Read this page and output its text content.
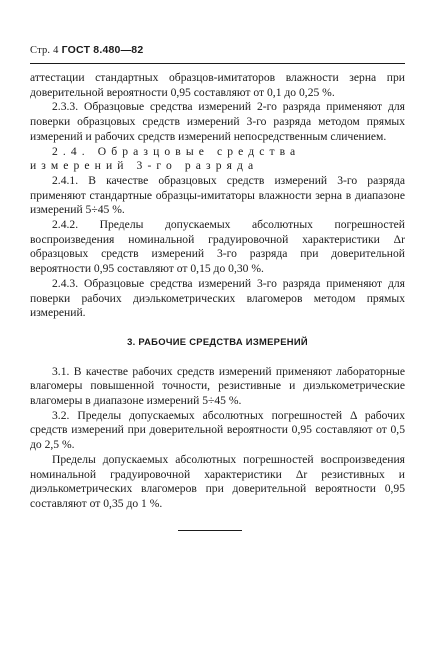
Стр. 4 ГОСТ 8.480—82

аттестации стандартных образцов-имитаторов влажности зерна при доверительной вероятности 0,95 составляют от 0,1 до 0,25 %.

2.3.3. Образцовые средства измерений 2-го разряда применяют для поверки образцовых средств измерений 3-го разряда методом прямых измерений и рабочих средств измерений непосредственным сличением.

2.4. Образцовые средства измерений 3-го разряда

2.4.1. В качестве образцовых средств измерений 3-го разряда применяют стандартные образцы-имитаторы влажности зерна в диапазоне измерений 5÷45 %.

2.4.2. Пределы допускаемых абсолютных погрешностей воспроизведения номинальной градуировочной характеристики Δr образцовых средств измерений 3-го разряда при доверительной вероятности 0,95 составляют от 0,15 до 0,30 %.

2.4.3. Образцовые средства измерений 3-го разряда применяют для поверки рабочих диэлькометрических влагомеров методом прямых измерений.

3. РАБОЧИЕ СРЕДСТВА ИЗМЕРЕНИЙ

3.1. В качестве рабочих средств измерений применяют лабораторные влагомеры повышенной точности, резистивные и диэлькометрические влагомеры в диапазоне измерений 5÷45 %.

3.2. Пределы допускаемых абсолютных погрешностей Δ рабочих средств измерений при доверительной вероятности 0,95 составляют от 0,5 до 2,5 %.

Пределы допускаемых абсолютных погрешностей воспроизведения номинальной градуировочной характеристики Δr резистивных и диэлькометрических влагомеров при доверительной вероятности 0,95 составляют от 0,35 до 1 %.
